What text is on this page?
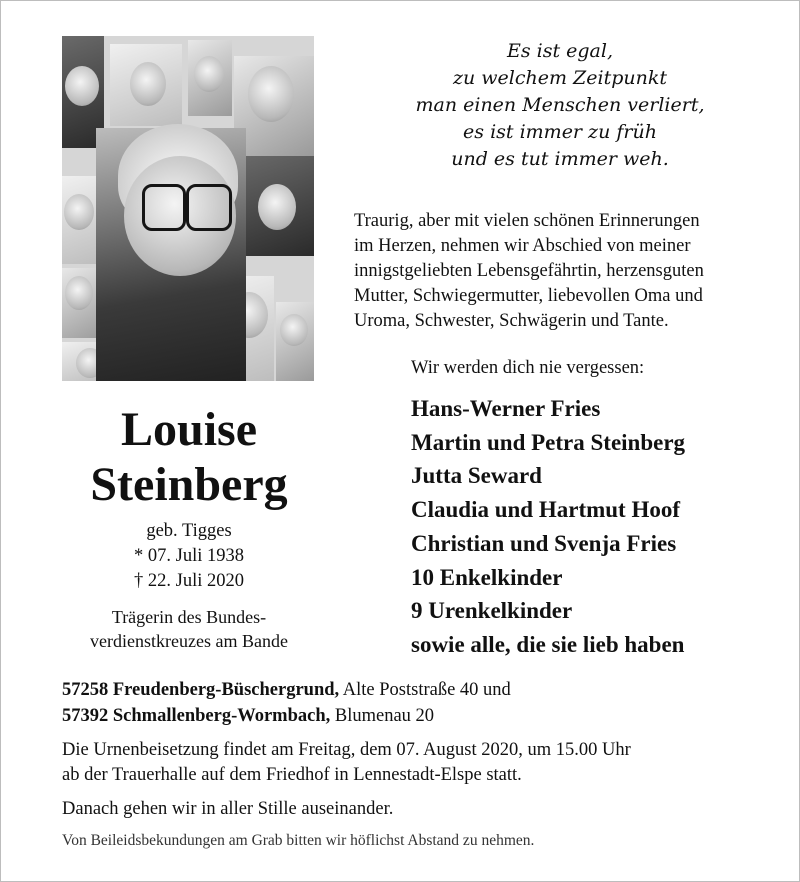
Es ist egal,
zu welchem Zeitpunkt
man einen Menschen verliert,
es ist immer zu früh
und es tut immer weh.
Traurig, aber mit vielen schönen Erinnerungen
im Herzen, nehmen wir Abschied von meiner
innigstgeliebten Lebensgefährtin, herzensguten
Mutter, Schwiegermutter, liebevollen Oma und
Uroma, Schwester, Schwägerin und Tante.
Wir werden dich nie vergessen:
Hans-Werner Fries
Martin und Petra Steinberg
Jutta Seward
Claudia und Hartmut Hoof
Christian und Svenja Fries
10 Enkelkinder
9 Urenkelkinder
sowie alle, die sie lieb haben
Louise
Steinberg
geb. Tigges
* 07. Juli 1938
† 22. Juli 2020
Trägerin des Bundes-
verdienstkreuzes am Bande
57258 Freudenberg-Büschergrund, Alte Poststraße 40 und
57392 Schmallenberg-Wormbach, Blumenau 20
Die Urnenbeisetzung findet am Freitag, dem 07. August 2020, um 15.00 Uhr
ab der Trauerhalle auf dem Friedhof in Lennestadt-Elspe statt.
Danach gehen wir in aller Stille auseinander.
Von Beileidsbekundungen am Grab bitten wir höflichst Abstand zu nehmen.
